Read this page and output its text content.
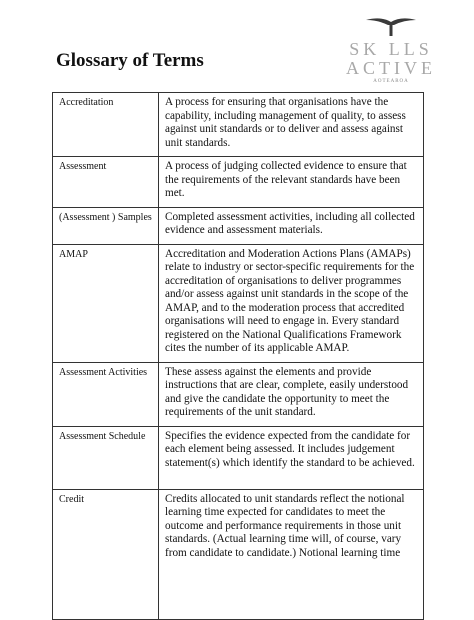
SK LLS
ACTIVE
AOTEAROA
Glossary of Terms
Accreditation	A process for ensuring that organisations have the capability, including management of quality, to assess against unit standards or to deliver and assess against unit standards.
Assessment	A process of judging collected evidence to ensure that the requirements of the relevant standards have been met.
(Assessment ) Samples	Completed assessment activities, including all collected evidence and assessment materials.
AMAP	Accreditation and Moderation Actions Plans (AMAPs) relate to industry or sector-specific requirements for the accreditation of organisations to deliver programmes and/or assess against unit standards in the scope of the AMAP, and to the moderation process that accredited organisations will need to engage in. Every standard registered on the National Qualifications Framework cites the number of its applicable AMAP.
Assessment Activities	These assess against the elements and provide instructions that are clear, complete, easily understood and give the candidate the opportunity to meet the requirements of the unit standard.
Assessment Schedule	Specifies the evidence expected from the candidate for each element being assessed. It includes judgement statement(s) which identify the standard to be achieved.
Credit	Credits allocated to unit standards reflect the notional learning time expected for candidates to meet the outcome and performance requirements in those unit standards. (Actual learning time will, of course, vary from candidate to candidate.) Notional learning time
